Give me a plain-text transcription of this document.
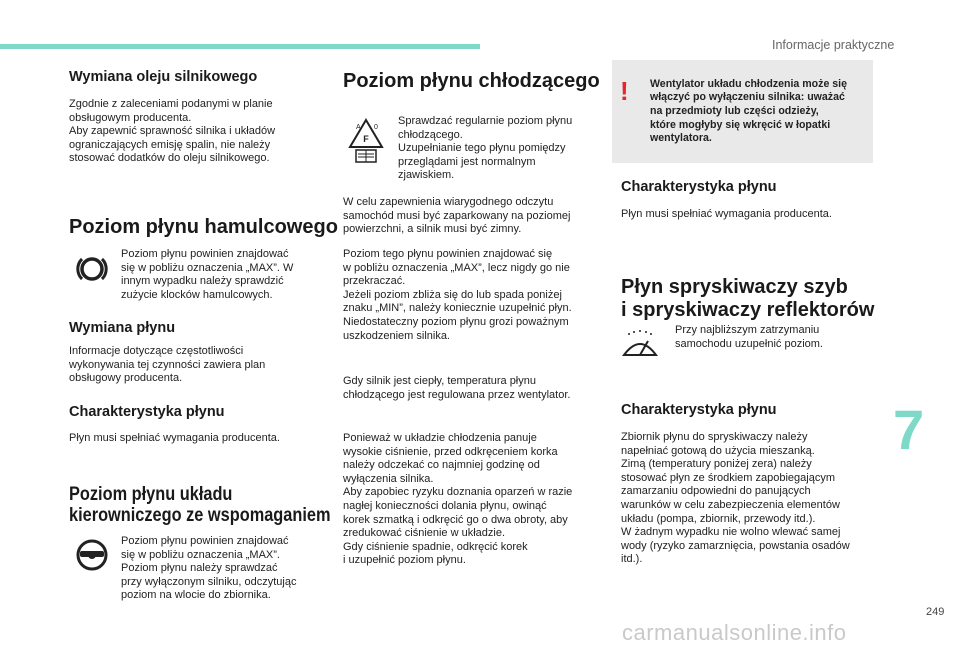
Informacje praktyczne
Wymiana oleju silnikowego

Zgodnie z zaleceniami podanymi w planie
obsługowym producenta.
Aby zapewnić sprawność silnika i układów
ograniczających emisję spalin, nie należy
stosować dodatków do oleju silnikowego.

Poziom płynu hamulcowego

Poziom płynu powinien znajdować
się w pobliżu oznaczenia „MAX”. W
innym wypadku należy sprawdzić
zużycie klocków hamulcowych.

Wymiana płynu

Informacje dotyczące częstotliwości
wykonywania tej czynności zawiera plan
obsługowy producenta.

Charakterystyka płynu

Płyn musi spełniać wymagania producenta.

Poziom płynu układu
kierowniczego ze wspomaganiem

Poziom płynu powinien znajdować
się w pobliżu oznaczenia „MAX”.
Poziom płynu należy sprawdzać
przy wyłączonym silniku, odczytując
poziom na wlocie do zbiornika.

Poziom płynu chłodzącego
F
A 0

Sprawdzać regularnie poziom płynu
chłodzącego.
Uzupełnianie tego płynu pomiędzy
przeglądami jest normalnym
zjawiskiem.

W celu zapewnienia wiarygodnego odczytu
samochód musi być zaparkowany na poziomej
powierzchni, a silnik musi być zimny.

Poziom tego płynu powinien znajdować się
w pobliżu oznaczenia „MAX”, lecz nigdy go nie
przekraczać.
Jeżeli poziom zbliża się do lub spada poniżej
znaku „MIN”, należy koniecznie uzupełnić płyn.
Niedostateczny poziom płynu grozi poważnym
uszkodzeniem silnika.

Gdy silnik jest ciepły, temperatura płynu
chłodzącego jest regulowana przez wentylator.

Ponieważ w układzie chłodzenia panuje
wysokie ciśnienie, przed odkręceniem korka
należy odczekać co najmniej godzinę od
wyłączenia silnika.
Aby zapobiec ryzyku doznania oparzeń w razie
nagłej konieczności dolania płynu, owinąć
korek szmatką i odkręcić go o dwa obroty, aby
zredukować ciśnienie w układzie.
Gdy ciśnienie spadnie, odkręcić korek
i uzupełnić poziom płynu.

! Wentylator układu chłodzenia może się
włączyć po wyłączeniu silnika: uważać
na przedmioty lub części odzieży,
które mogłyby się wkręcić w łopatki
wentylatora.

Charakterystyka płynu

Płyn musi spełniać wymagania producenta.

Płyn spryskiwaczy szyb
i spryskiwaczy reflektorów

Przy najbliższym zatrzymaniu
samochodu uzupełnić poziom.

Charakterystyka płynu

Zbiornik płynu do spryskiwaczy należy
napełniać gotową do użycia mieszanką.
Zimą (temperatury poniżej zera) należy
stosować płyn ze środkiem zapobiegającym
zamarzaniu odpowiedni do panujących
warunków w celu zabezpieczenia elementów
układu (pompa, zbiornik, przewody itd.).
W żadnym wypadku nie wolno wlewać samej
wody (ryzyko zamarznięcia, powstania osadów
itd.).

7
249
carmanualsonline.info
